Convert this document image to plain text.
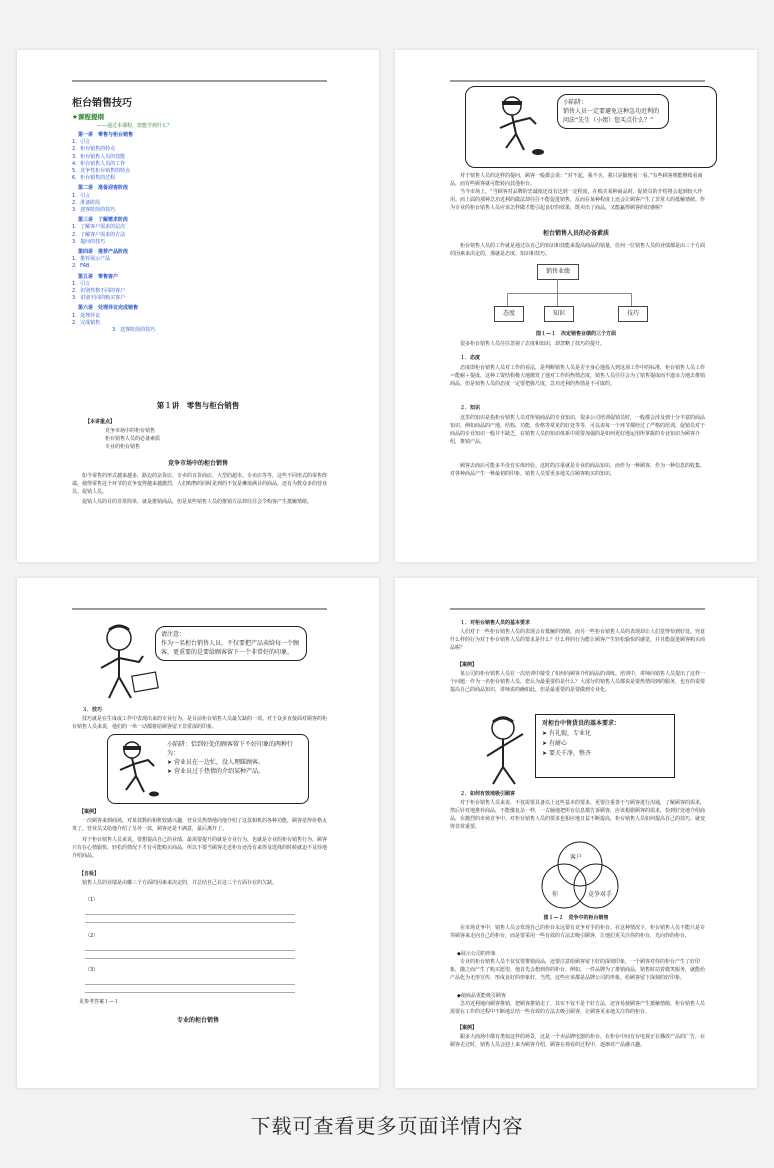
柜台销售技巧
★课程提纲
——通过本课程，您能学到什么？
第一讲　零售与柜台销售
1．引言
2．柜台销售的特点
3．柜台销售人员的技能
4．柜台销售人员的工作
5．竞争性柜台销售的特点
6．柜台销售的过程
第二讲　准备迎客阶段
1．引言
2．准备阶段
3．迎客阶段的技巧
第三讲　了解需求阶段
1．了解客户需求的层次
2．了解客户需求的方法
3．提问的技巧
第四讲　推荐产品阶段
1．推荐展示产品
2．FAB
第五讲　零售客户
1．引言
2．识别性格不同的客户
3．识别不同的购买客户
第六讲　处理异议完成销售
1．处理异议
2．完成销售
3．送客阶段的技巧
第１讲　零售与柜台销售
【本讲重点】
竞争市场中的柜台销售
柜台销售人员的必备素质
专业的柜台销售
竞争市场中的柜台销售
如今零售的形式越来越多，路边的杂货店、专卖的百货商店、大型的超市、专卖店等等，这些不同形式的零售终端，使得零售这个环节的竞争变得越来越激烈，人们购物的同时见到的不仅是琳琅满目的商品，还有为数众多的营业员、促销人员。
促销人员的目的非常简单，就是推销商品，但是某些销售人员的推销方法却往往会令购客产生抵触情绪。
小陷阱：
销售人员一定要避免这种急功近利的问法“先生（小姐）您买点什么？”
对于销售人员的这样的提问，顾客一般都会说：“对不起，我不买，我只是随便看一看。”有些顾客则能继续看商品，而有些顾客就可能转向其他柜台。
当今市场上，“当顾客对品牌的忠诚度还没有达到一定程度，在购买某种商品时，促销员的介绍将会起到较大作用。而上面的那种急功近利的做法却往往不能促进销售，反而在某种程度上还会让顾客产生了非常大的抵触情绪。作为专业的柜台销售人员应该怎样做才能引起良好的效果，既卖出了商品，又能赢得顾客的好感呢？
柜台销售人员的必备素质
柜台销售人员的工作就是通过以自己的知识和技能来提高商品的销量，任何一位销售人员的业绩都是由三个方面的因素来决定的，那就是态度、知识和技巧。
销售业绩
态度	知识	技巧
图１—１　决定销售业绩的三个方面
很多柜台销售人员往往忽视了态度和知识，却忽略了技巧的提升。
１．态度
态度即柜台销售人员对工作的看法，是判断销售人员是否全身心地投入到这项工作中的标准，柜台销售人员工作＝能耐＋提成，这种工资结构极大地激发了他对工作的热情态度，销售人员往往会为了销售提成而不遗余力地去推销商品，但是销售人员的态度一定要把握尺度，急功近利的热情是不可取的。
２．知识
这里的知识是指柜台销售人员对所销商品的专业知识，很多公司培训促销员时，一般都会涉及到十分丰富的商品知识，例如商品的产地、结构、功能、价格等常见的好处等等，可以说每一个环节都经过了严格的培训，促销员对于商品的专业知识一般并不缺乏，在销售人员的知识体系中需要加强的是如何更好地运用所掌握的专业知识为顾客介绍，推销产品。
顾客去商店可能多半没有实体经验。这时的注重就是专业的商品知识，而作为一种顾客，作为一种信息的收集，对各种商品产生一种最初的印象。销售人员要更多地关注顾客购买的知识。
请注意：
作为一名柜台销售人员，不仅要把产品卖给每一个顾客，更重要的是要给顾客留下一个非常好的印象。
３．技巧
技巧就是在生成或工作中表现出来的专业行为，是目前柜台销售人员最欠缺的一项。对于众多直接面对顾客的柜台销售人员来说，他们的一举一动都将给顾客留下非常深的印象。
小陷阱：恰到好处的顾客留下不好印象的两种行为：
➤ 营业员在一边忙，没人理睬顾客。
➤ 营业员过于热情的介绍某种产品。
【案例】
一次顾客来到商场，对某款数码相机较感兴趣，营业员热情地向他介绍了这款相机的各种功能，顾客觉得价格太贵了，营业员又给他介绍了另外一款，顾客还是不满意，最后离开了。
对于柜台销售人员来说，要想提高自己的业绩，最需要提升的就是专业行为，也就是专业的柜台销售行为。顾客只有在心情愉快、轻松的情况下才有可能购买商品，所以不要当顾客走近柜台还没有来得及选择的时候就迫不及待地介绍商品。
【自检】
销售人员的业绩是由哪三个方面的因素来决定的，并总结自己在这三个方面存在的欠缺。
（1）
（2）
（3）
见参考答案１—１
专业的柜台销售
１．对柜台销售人员的基本要求
人们对于一些柜台销售人员的表现会有抵触的情绪，而另一些柜台销售人员的表现却让人们觉得恰到好处。究竟什么样的行为对于柜台销售人员的要求是什么？什么样的行为能让顾客产生轻松愉快的感觉，并且能促进顾客购买商品呢？
【案例】
某公司的柜台销售人员在一次培训中接受了如何向顾客介绍商品的训练。培训中，讲师向销售人员提出了这样一个问题：作为一名柜台销售人员，您认为最重要的是什么？大部分的销售人员都说是要热情周到的服务，也有的说要提高自己的商品知识，讲师说的确如此，但是最重要的是要做到专业化。
对柜台中售货员的基本要求：
➤ 有礼貌，专业化
➤ 有耐心
➤ 要关千净，整齐
２．如何有效地吸引顾客
对于柜台销售人员来说，不仅需要具备以上这些基本的要求，更要注重善于与顾客进行沟通，了解顾客的需求，然后针对地推荐商品，不能像复杂一样，一古脑地把所有信息都告诉顾客，应该根据顾客的需求，恰到好处地介绍商品，在激烈的市场竞争中，对柜台销售人员的要求也相应地日益不断提高，柜台销售人员如何提高自己的技巧，就变得非常重要。
客户
你	竞争对手
图１—２　竞争中的柜台销售
在市场竞争中，销售人员会发现自己的柜台永远要有竞争对手的柜台。在这种情况下，柜台销售人员不能只是专等顾客来走向自己的柜台，而是要采用一些有效的方法去吸引顾客，让他们更关注你的柜台，光向你的柜台。
◆展示公司的形象
专业的柜台销售人员不仅仅要推销商品，还要注意给顾客留下好的深刻印象，一个顾客对你的柜台产生了好印象，随之而产生了购买愿望，他首先会想到你的柜台，例如，一件品牌为了推销商品，销售时站着微笑服务，就能给产品化为无形宣传，形成良好的形象好，当然，这些应该都是品牌公司的形象，给顾客留下深刻的好印象。
◆使商品更能吸引顾客
急功近利地向顾客推销，把顾客推销走了，其实不仅不是个好方法，还容易使顾客产生抵触情绪，柜台销售人员需要在工作的过程中不断地总结一些有效的方法去吸引顾客，让顾客更多地关注你的柜台。
【案例】
跟多大商场中都有类似这样的场景，这是一个卖品牌电器的柜台，在柜台中间有台电视正在播放产品的广告，在顾客走过时，销售人员会迎上来为顾客介绍，顾客在观看的过程中，逐渐对产品感兴趣。
下载可查看更多页面详情内容
